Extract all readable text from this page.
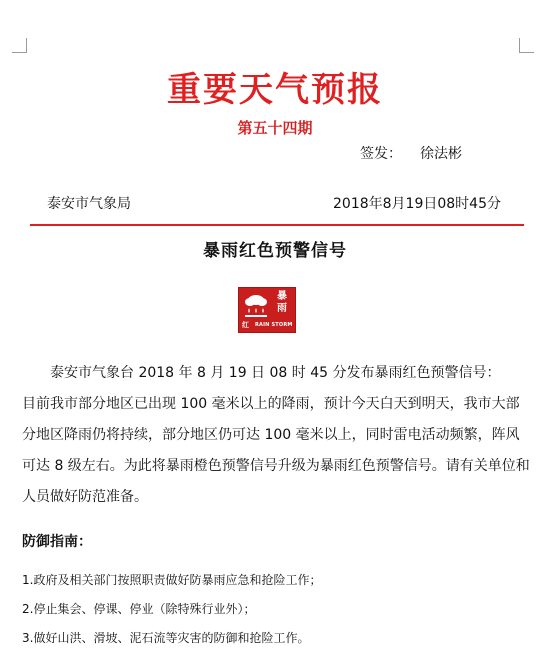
重要天气预报
第五十四期
签发： 徐法彬
泰安市气象局	2018年8月19日08时45分
暴雨红色预警信号
暴雨
红 RAIN STORM

泰安市气象台 2018 年 8 月 19 日 08 时 45 分发布暴雨红色预警信号：

目前我市部分地区已出现 100 毫米以上的降雨，预计今天白天到明天，我市大部分地区降雨仍将持续，部分地区仍可达 100 毫米以上，同时雷电活动频繁，阵风可达 8 级左右。为此将暴雨橙色预警信号升级为暴雨红色预警信号。请有关单位和人员做好防范准备。

防御指南：
1.政府及相关部门按照职责做好防暴雨应急和抢险工作；
2.停止集会、停课、停业（除特殊行业外）；
3.做好山洪、滑坡、泥石流等灾害的防御和抢险工作。
